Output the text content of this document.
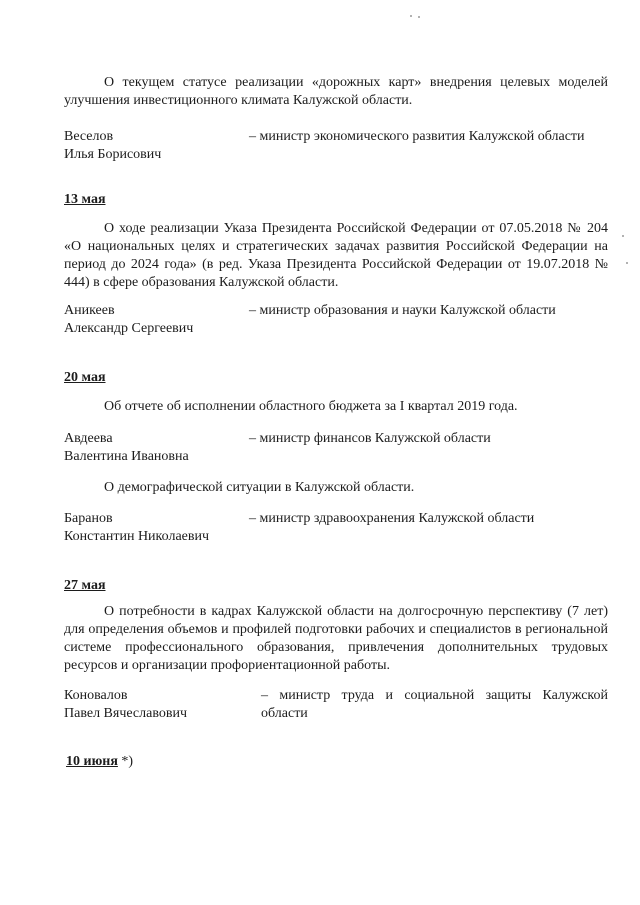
О текущем статусе реализации «дорожных карт» внедрения целевых моделей улучшения инвестиционного климата Калужской области.

Веселов
Илья Борисович
– министр экономического развития Калужской области
13 мая

О ходе реализации Указа Президента Российской Федерации от 07.05.2018 № 204 «О национальных целях и стратегических задачах развития Российской Федерации на период до 2024 года» (в ред. Указа Президента Российской Федерации от 19.07.2018 № 444) в сфере образования Калужской области.

Аникеев
Александр Сергеевич
– министр образования и науки Калужской области
20 мая

Об отчете об исполнении областного бюджета за I квартал 2019 года.

Авдеева
Валентина Ивановна
– министр финансов Калужской области

О демографической ситуации в Калужской области.

Баранов
Константин Николаевич
– министр здравоохранения Калужской области
27 мая

О потребности в кадрах Калужской области на долгосрочную перспективу (7 лет) для определения объемов и профилей подготовки рабочих и специалистов в региональной системе профессионального образования, привлечения дополнительных трудовых ресурсов и организации профориентационной работы.

Коновалов
Павел Вячеславович
– министр труда и социальной защиты Калужской области
10 июня *)
